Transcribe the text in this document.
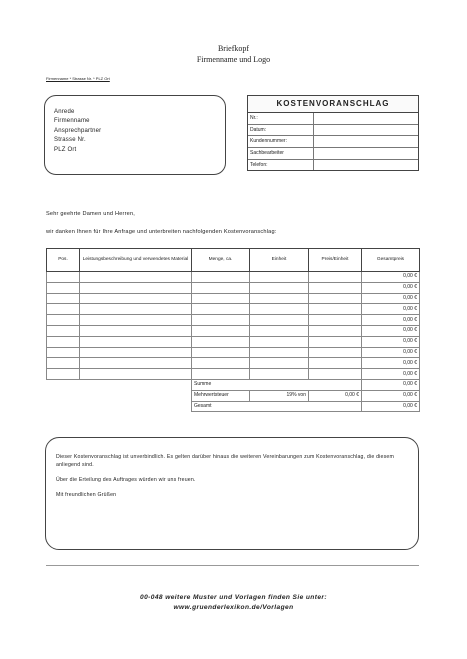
Briefkopf
Firmenname und Logo
Firmenname * Strasse Nr. * PLZ Ort
Anrede
Firmenname
Ansprechpartner
Strasse Nr.
PLZ Ort
KOSTENVORANSCHLAG
Nr.:
Datum:
Kundennummer:
Sachbearbeiter
Telefon:
Sehr geehrte Damen und Herren,
wir danken Ihnen für Ihre Anfrage und unterbreiten nachfolgenden Kostenvoranschlag:
Pos.	Leistungsbeschreibung und verwendetes Material	Menge, ca.	Einheit	Preis/Einheit	Gesamtpreis
					0,00 €
					0,00 €
					0,00 €
					0,00 €
					0,00 €
					0,00 €
					0,00 €
					0,00 €
					0,00 €
					0,00 €
		Summe			0,00 €
		Mehrwertsteuer	19% von	0,00 €	0,00 €
		Gesamt			0,00 €

Dieser Kostenvoranschlag ist unverbindlich. Es gelten darüber hinaus die weiteren Vereinbarungen zum Kostenvoranschlag, die diesem anliegend sind.

Über die Erteilung des Auftrages würden wir uns freuen.

Mit freundlichen Grüßen

00-048 weitere Muster und Vorlagen finden Sie unter:
www.gruenderlexikon.de/Vorlagen
